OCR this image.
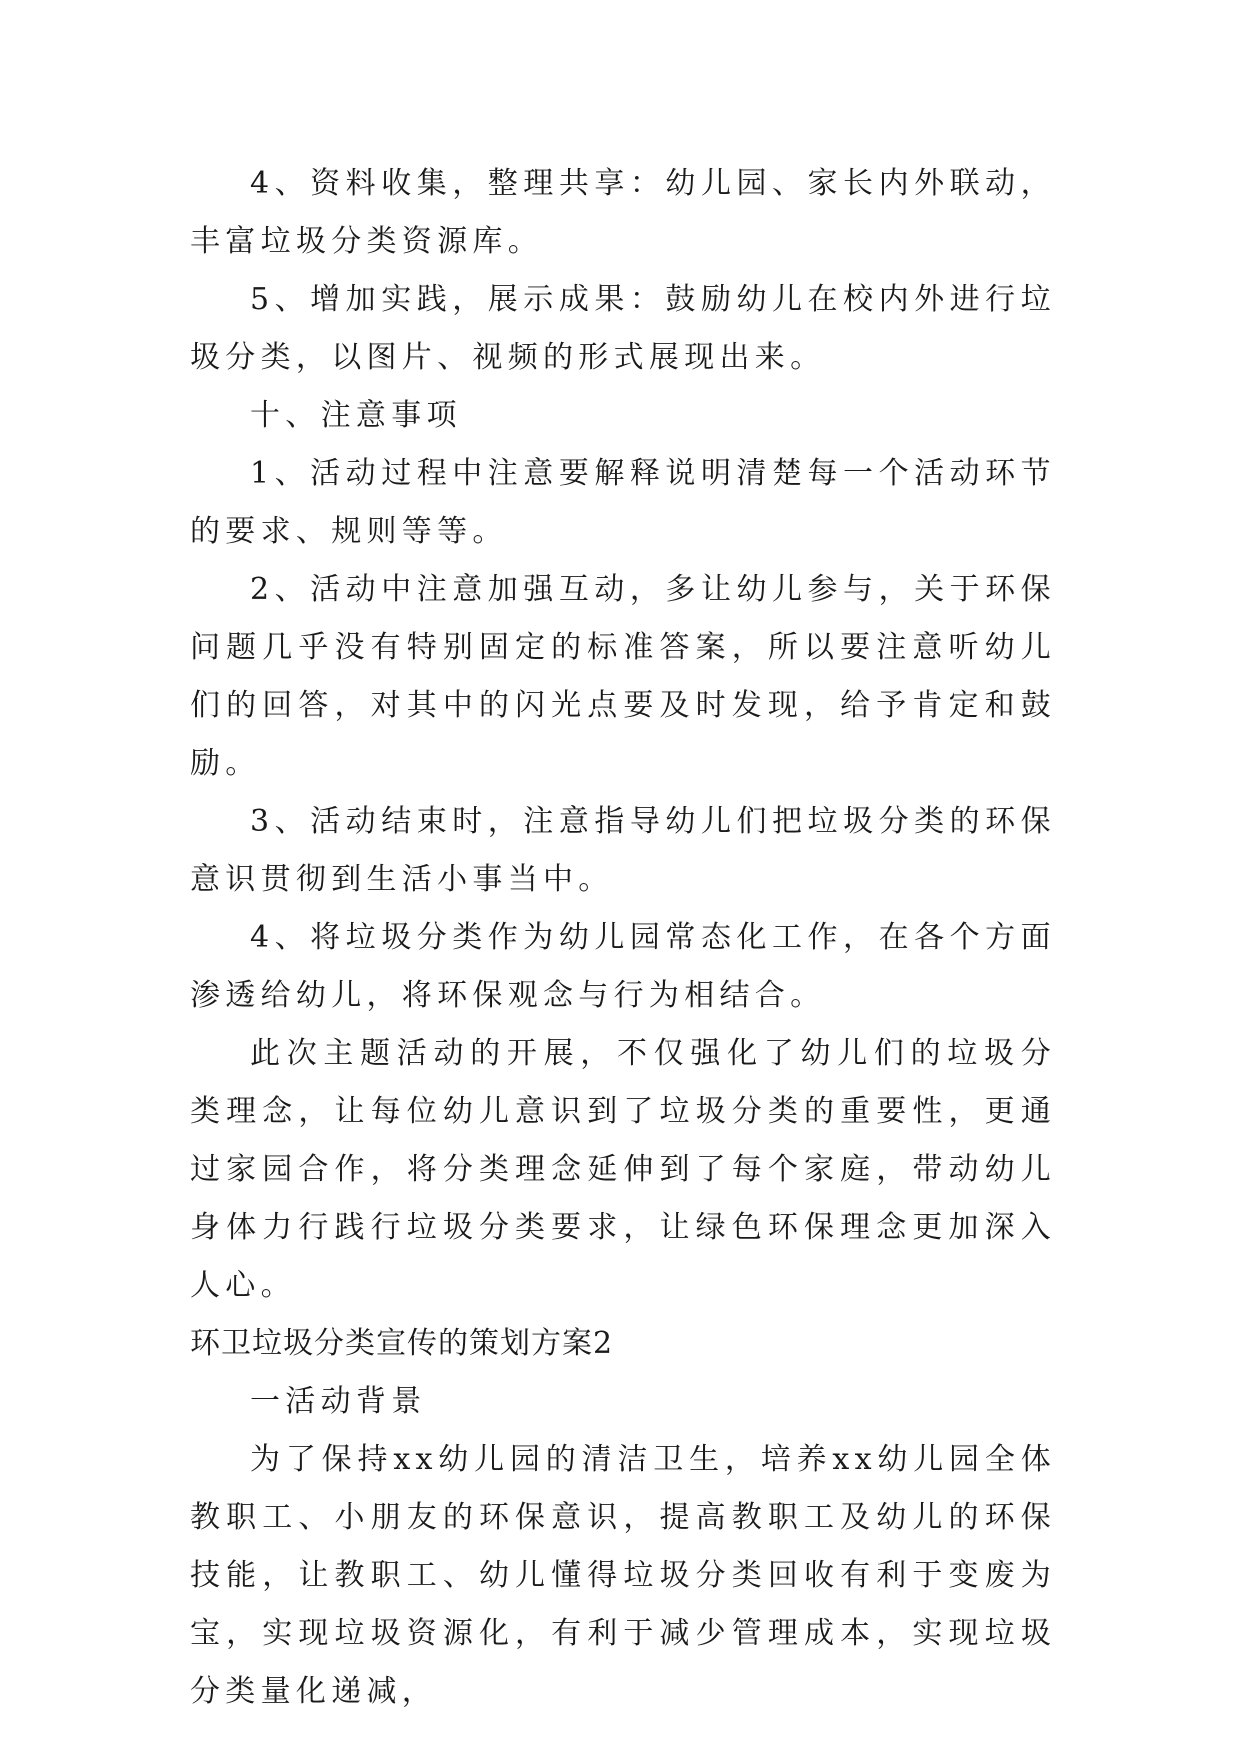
4、资料收集，整理共享：幼儿园、家长内外联动，丰富垃圾分类资源库。

5、增加实践，展示成果：鼓励幼儿在校内外进行垃圾分类，以图片、视频的形式展现出来。

十、注意事项

1、活动过程中注意要解释说明清楚每一个活动环节的要求、规则等等。

2、活动中注意加强互动，多让幼儿参与，关于环保问题几乎没有特别固定的标准答案，所以要注意听幼儿们的回答，对其中的闪光点要及时发现，给予肯定和鼓励。

3、活动结束时，注意指导幼儿们把垃圾分类的环保意识贯彻到生活小事当中。

4、将垃圾分类作为幼儿园常态化工作，在各个方面渗透给幼儿，将环保观念与行为相结合。

此次主题活动的开展，不仅强化了幼儿们的垃圾分类理念，让每位幼儿意识到了垃圾分类的重要性，更通过家园合作，将分类理念延伸到了每个家庭，带动幼儿身体力行践行垃圾分类要求，让绿色环保理念更加深入人心。

环卫垃圾分类宣传的策划方案2

一活动背景

为了保持xx幼儿园的清洁卫生，培养xx幼儿园全体教职工、小朋友的环保意识，提高教职工及幼儿的环保技能，让教职工、幼儿懂得垃圾分类回收有利于变废为宝，实现垃圾资源化，有利于减少管理成本，实现垃圾分类量化递减，
